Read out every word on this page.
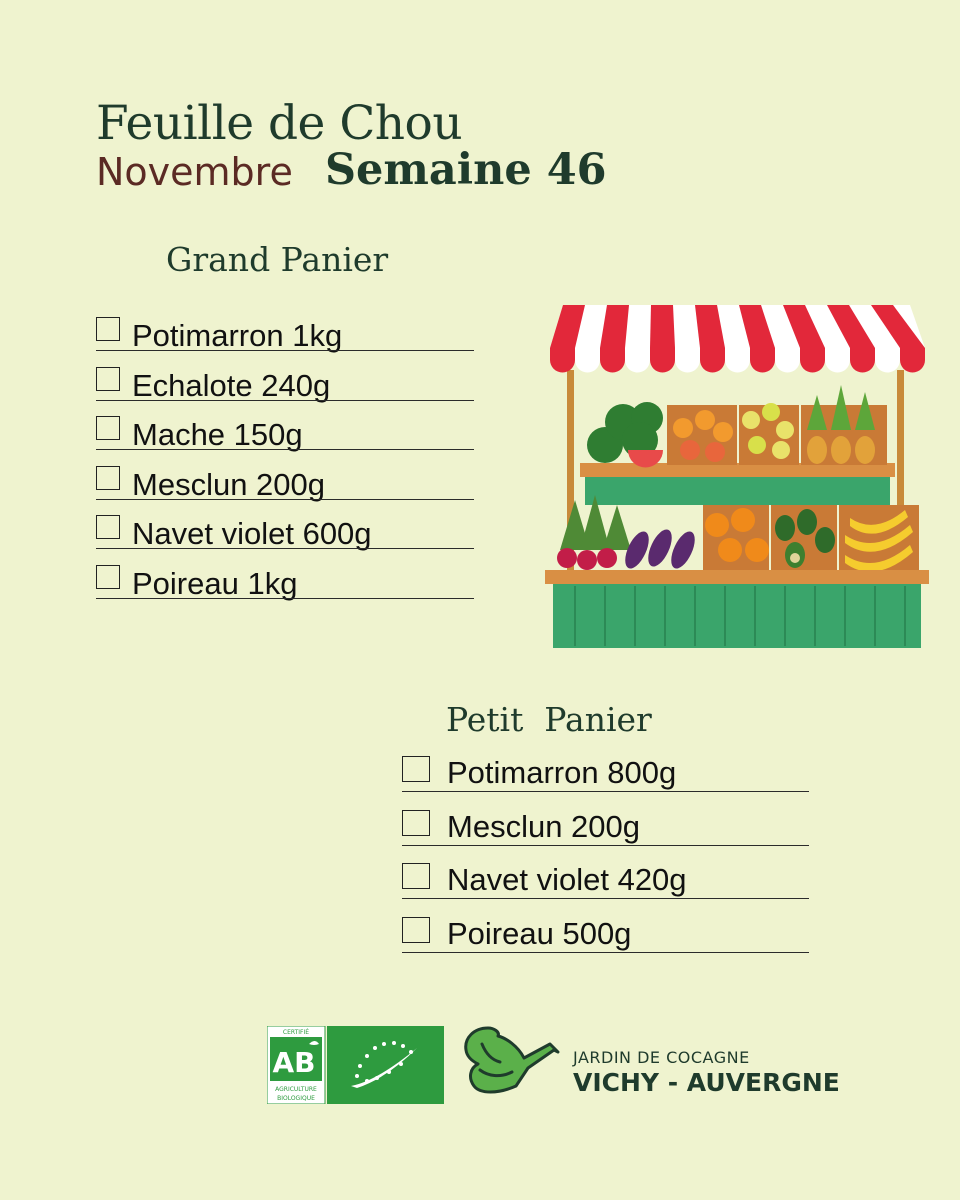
Feuille de Chou
Novembre Semaine 46
Grand Panier
Potimarron 1kg
Echalote 240g
Mache 150g
Mesclun 200g
Navet violet 600g
Poireau 1kg
Petit  Panier
Potimarron 800g
Mesclun 200g
Navet violet 420g
Poireau 500g
CERTIFIÉ
AB
AGRICULTURE
BIOLOGIQUE
JARDIN DE COCAGNE
VICHY - AUVERGNE
